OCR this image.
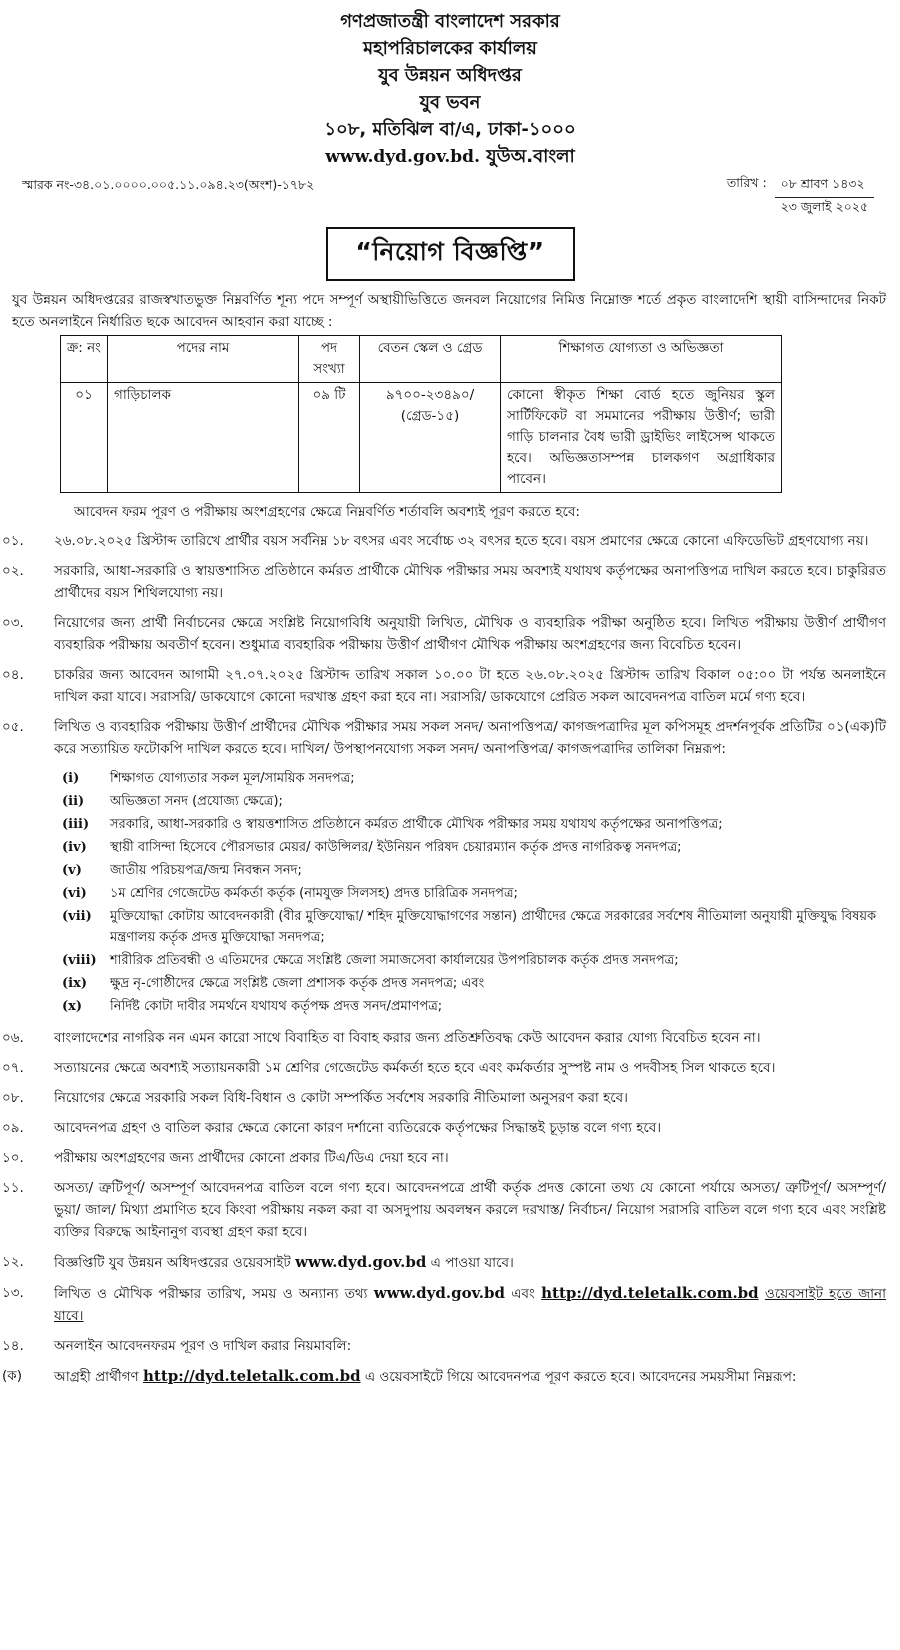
গণপ্রজাতন্ত্রী বাংলাদেশ সরকার
মহাপরিচালকের কার্যালয়
যুব উন্নয়ন অধিদপ্তর
যুব ভবন
১০৮, মতিঝিল বা/এ, ঢাকা-১০০০
www.dyd.gov.bd. যুউঅ.বাংলা
স্মারক নং-৩৪.০১.০০০০.০০৫.১১.০৯৪.২৩(অংশ)-১৭৮২	তারিখ :	০৮ শ্রাবণ ১৪৩২
২৩ জুলাই ২০২৫
“নিয়োগ বিজ্ঞপ্তি”
যুব উন্নয়ন অধিদপ্তরের রাজস্বখাতভুক্ত নিম্নবর্ণিত শূন্য পদে সম্পূর্ণ অস্থায়ীভিত্তিতে জনবল নিয়োগের নিমিত্ত নিম্নোক্ত শর্তে প্রকৃত বাংলাদেশি স্থায়ী বাসিন্দাদের নিকট হতে অনলাইনে নির্ধারিত ছকে আবেদন আহবান করা যাচ্ছে :
ক্র: নং	পদের নাম	পদ সংখ্যা	বেতন স্কেল ও গ্রেড	শিক্ষাগত যোগ্যতা ও অভিজ্ঞতা
০১	গাড়িচালক	০৯ টি	৯৭০০-২৩৪৯০/ (গ্রেড-১৫)	কোনো স্বীকৃত শিক্ষা বোর্ড হতে জুনিয়র স্কুল সার্টিফিকেট বা সমমানের পরীক্ষায় উত্তীর্ণ; ভারী গাড়ি চালনার বৈধ ভারী ড্রাইভিং লাইসেন্স থাকতে হবে। অভিজ্ঞতাসম্পন্ন চালকগণ অগ্রাধিকার পাবেন।
আবেদন ফরম পূরণ ও পরীক্ষায় অংশগ্রহণের ক্ষেত্রে নিম্নবর্ণিত শর্তাবলি অবশ্যই পূরণ করতে হবে:
০১.	২৬.০৮.২০২৫ খ্রিস্টাব্দ তারিখে প্রার্থীর বয়স সর্বনিম্ন ১৮ বৎসর এবং সর্বোচ্চ ৩২ বৎসর হতে হবে। বয়স প্রমাণের ক্ষেত্রে কোনো এফিডেভিট গ্রহণযোগ্য নয়।
০২.	সরকারি, আধা-সরকারি ও স্বায়ত্তশাসিত প্রতিষ্ঠানে কর্মরত প্রার্থীকে মৌখিক পরীক্ষার সময় অবশ্যই যথাযথ কর্তৃপক্ষের অনাপত্তিপত্র দাখিল করতে হবে। চাকুরিরত প্রার্থীদের বয়স শিথিলযোগ্য নয়।
০৩.	নিয়োগের জন্য প্রার্থী নির্বাচনের ক্ষেত্রে সংশ্লিষ্ট নিয়োগবিধি অনুযায়ী লিখিত, মৌখিক ও ব্যবহারিক পরীক্ষা অনুষ্ঠিত হবে। লিখিত পরীক্ষায় উত্তীর্ণ প্রার্থীগণ ব্যবহারিক পরীক্ষায় অবতীর্ণ হবেন। শুধুমাত্র ব্যবহারিক পরীক্ষায় উত্তীর্ণ প্রার্থীগণ মৌখিক পরীক্ষায় অংশগ্রহণের জন্য বিবেচিত হবেন।
০৪.	চাকরির জন্য আবেদন আগামী ২৭.০৭.২০২৫ খ্রিস্টাব্দ তারিখ সকাল ১০.০০ টা হতে ২৬.০৮.২০২৫ খ্রিস্টাব্দ তারিখ বিকাল ০৫:০০ টা পর্যন্ত অনলাইনে দাখিল করা যাবে। সরাসরি/ ডাকযোগে কোনো দরখাস্ত গ্রহণ করা হবে না। সরাসরি/ ডাকযোগে প্রেরিত সকল আবেদনপত্র বাতিল মর্মে গণ্য হবে।
০৫.	লিখিত ও ব্যবহারিক পরীক্ষায় উত্তীর্ণ প্রার্থীদের মৌখিক পরীক্ষার সময় সকল সনদ/ অনাপত্তিপত্র/ কাগজপত্রাদির মূল কপিসমূহ প্রদর্শনপূর্বক প্রতিটির ০১(এক)টি করে সত্যায়িত ফটোকপি দাখিল করতে হবে। দাখিল/ উপস্থাপনযোগ্য সকল সনদ/ অনাপত্তিপত্র/ কাগজপত্রাদির তালিকা নিম্নরূপ:
(i)	শিক্ষাগত যোগ্যতার সকল মূল/সাময়িক সনদপত্র;
(ii)	অভিজ্ঞতা সনদ (প্রযোজ্য ক্ষেত্রে);
(iii)	সরকারি, আধা-সরকারি ও স্বায়ত্তশাসিত প্রতিষ্ঠানে কর্মরত প্রার্থীকে মৌখিক পরীক্ষার সময় যথাযথ কর্তৃপক্ষের অনাপত্তিপত্র;
(iv)	স্থায়ী বাসিন্দা হিসেবে পৌরসভার মেয়র/ কাউন্সিলর/ ইউনিয়ন পরিষদ চেয়ারম্যান কর্তৃক প্রদত্ত নাগরিকত্ব সনদপত্র;
(v)	জাতীয় পরিচয়পত্র/জন্ম নিবন্ধন সনদ;
(vi)	১ম শ্রেণির গেজেটেড কর্মকর্তা কর্তৃক (নামযুক্ত সিলসহ) প্রদত্ত চারিত্রিক সনদপত্র;
(vii)	মুক্তিযোদ্ধা কোটায় আবেদনকারী (বীর মুক্তিযোদ্ধা/ শহিদ মুক্তিযোদ্ধাগণের সন্তান) প্রার্থীদের ক্ষেত্রে সরকারের সর্বশেষ নীতিমালা অনুযায়ী মুক্তিযুদ্ধ বিষয়ক মন্ত্রণালয় কর্তৃক প্রদত্ত মুক্তিযোদ্ধা সনদপত্র;
(viii)	শারীরিক প্রতিবন্ধী ও এতিমদের ক্ষেত্রে সংশ্লিষ্ট জেলা সমাজসেবা কার্যালয়ের উপপরিচালক কর্তৃক প্রদত্ত সনদপত্র;
(ix)	ক্ষুদ্র নৃ-গোষ্ঠীদের ক্ষেত্রে সংশ্লিষ্ট জেলা প্রশাসক কর্তৃক প্রদত্ত সনদপত্র; এবং
(x)	নির্দিষ্ট কোটা দাবীর সমর্থনে যথাযথ কর্তৃপক্ষ প্রদত্ত সনদ/প্রমাণপত্র;
০৬.	বাংলাদেশের নাগরিক নন এমন কারো সাথে বিবাহিত বা বিবাহ করার জন্য প্রতিশ্রুতিবদ্ধ কেউ আবেদন করার যোগ্য বিবেচিত হবেন না।
০৭.	সত্যায়নের ক্ষেত্রে অবশ্যই সত্যায়নকারী ১ম শ্রেণির গেজেটেড কর্মকর্তা হতে হবে এবং কর্মকর্তার সুস্পষ্ট নাম ও পদবীসহ সিল থাকতে হবে।
০৮.	নিয়োগের ক্ষেত্রে সরকারি সকল বিধি-বিধান ও কোটা সম্পর্কিত সর্বশেষ সরকারি নীতিমালা অনুসরণ করা হবে।
০৯.	আবেদনপত্র গ্রহণ ও বাতিল করার ক্ষেত্রে কোনো কারণ দর্শানো ব্যতিরেকে কর্তৃপক্ষের সিদ্ধান্তই চূড়ান্ত বলে গণ্য হবে।
১০.	পরীক্ষায় অংশগ্রহণের জন্য প্রার্থীদের কোনো প্রকার টিএ/ডিএ দেয়া হবে না।
১১.	অসত্য/ ত্রুটিপূর্ণ/ অসম্পূর্ণ আবেদনপত্র বাতিল বলে গণ্য হবে। আবেদনপত্রে প্রার্থী কর্তৃক প্রদত্ত কোনো তথ্য যে কোনো পর্যায়ে অসত্য/ ত্রুটিপূর্ণ/ অসম্পূর্ণ/ ভুয়া/ জাল/ মিথ্যা প্রমাণিত হবে কিংবা পরীক্ষায় নকল করা বা অসদুপায় অবলম্বন করলে দরখাস্ত/ নির্বাচন/ নিয়োগ সরাসরি বাতিল বলে গণ্য হবে এবং সংশ্লিষ্ট ব্যক্তির বিরুদ্ধে আইনানুগ ব্যবস্থা গ্রহণ করা হবে।
১২.	বিজ্ঞপ্তিটি যুব উন্নয়ন অধিদপ্তরের ওয়েবসাইট www.dyd.gov.bd এ পাওয়া যাবে।
১৩.	লিখিত ও মৌখিক পরীক্ষার তারিখ, সময় ও অন্যান্য তথ্য www.dyd.gov.bd এবং http://dyd.teletalk.com.bd ওয়েবসাইট হতে জানা যাবে।
১৪.	অনলাইন আবেদনফরম পূরণ ও দাখিল করার নিয়মাবলি:
(ক)	আগ্রহী প্রার্থীগণ http://dyd.teletalk.com.bd এ ওয়েবসাইটে গিয়ে আবেদনপত্র পূরণ করতে হবে। আবেদনের সময়সীমা নিম্নরূপ:
